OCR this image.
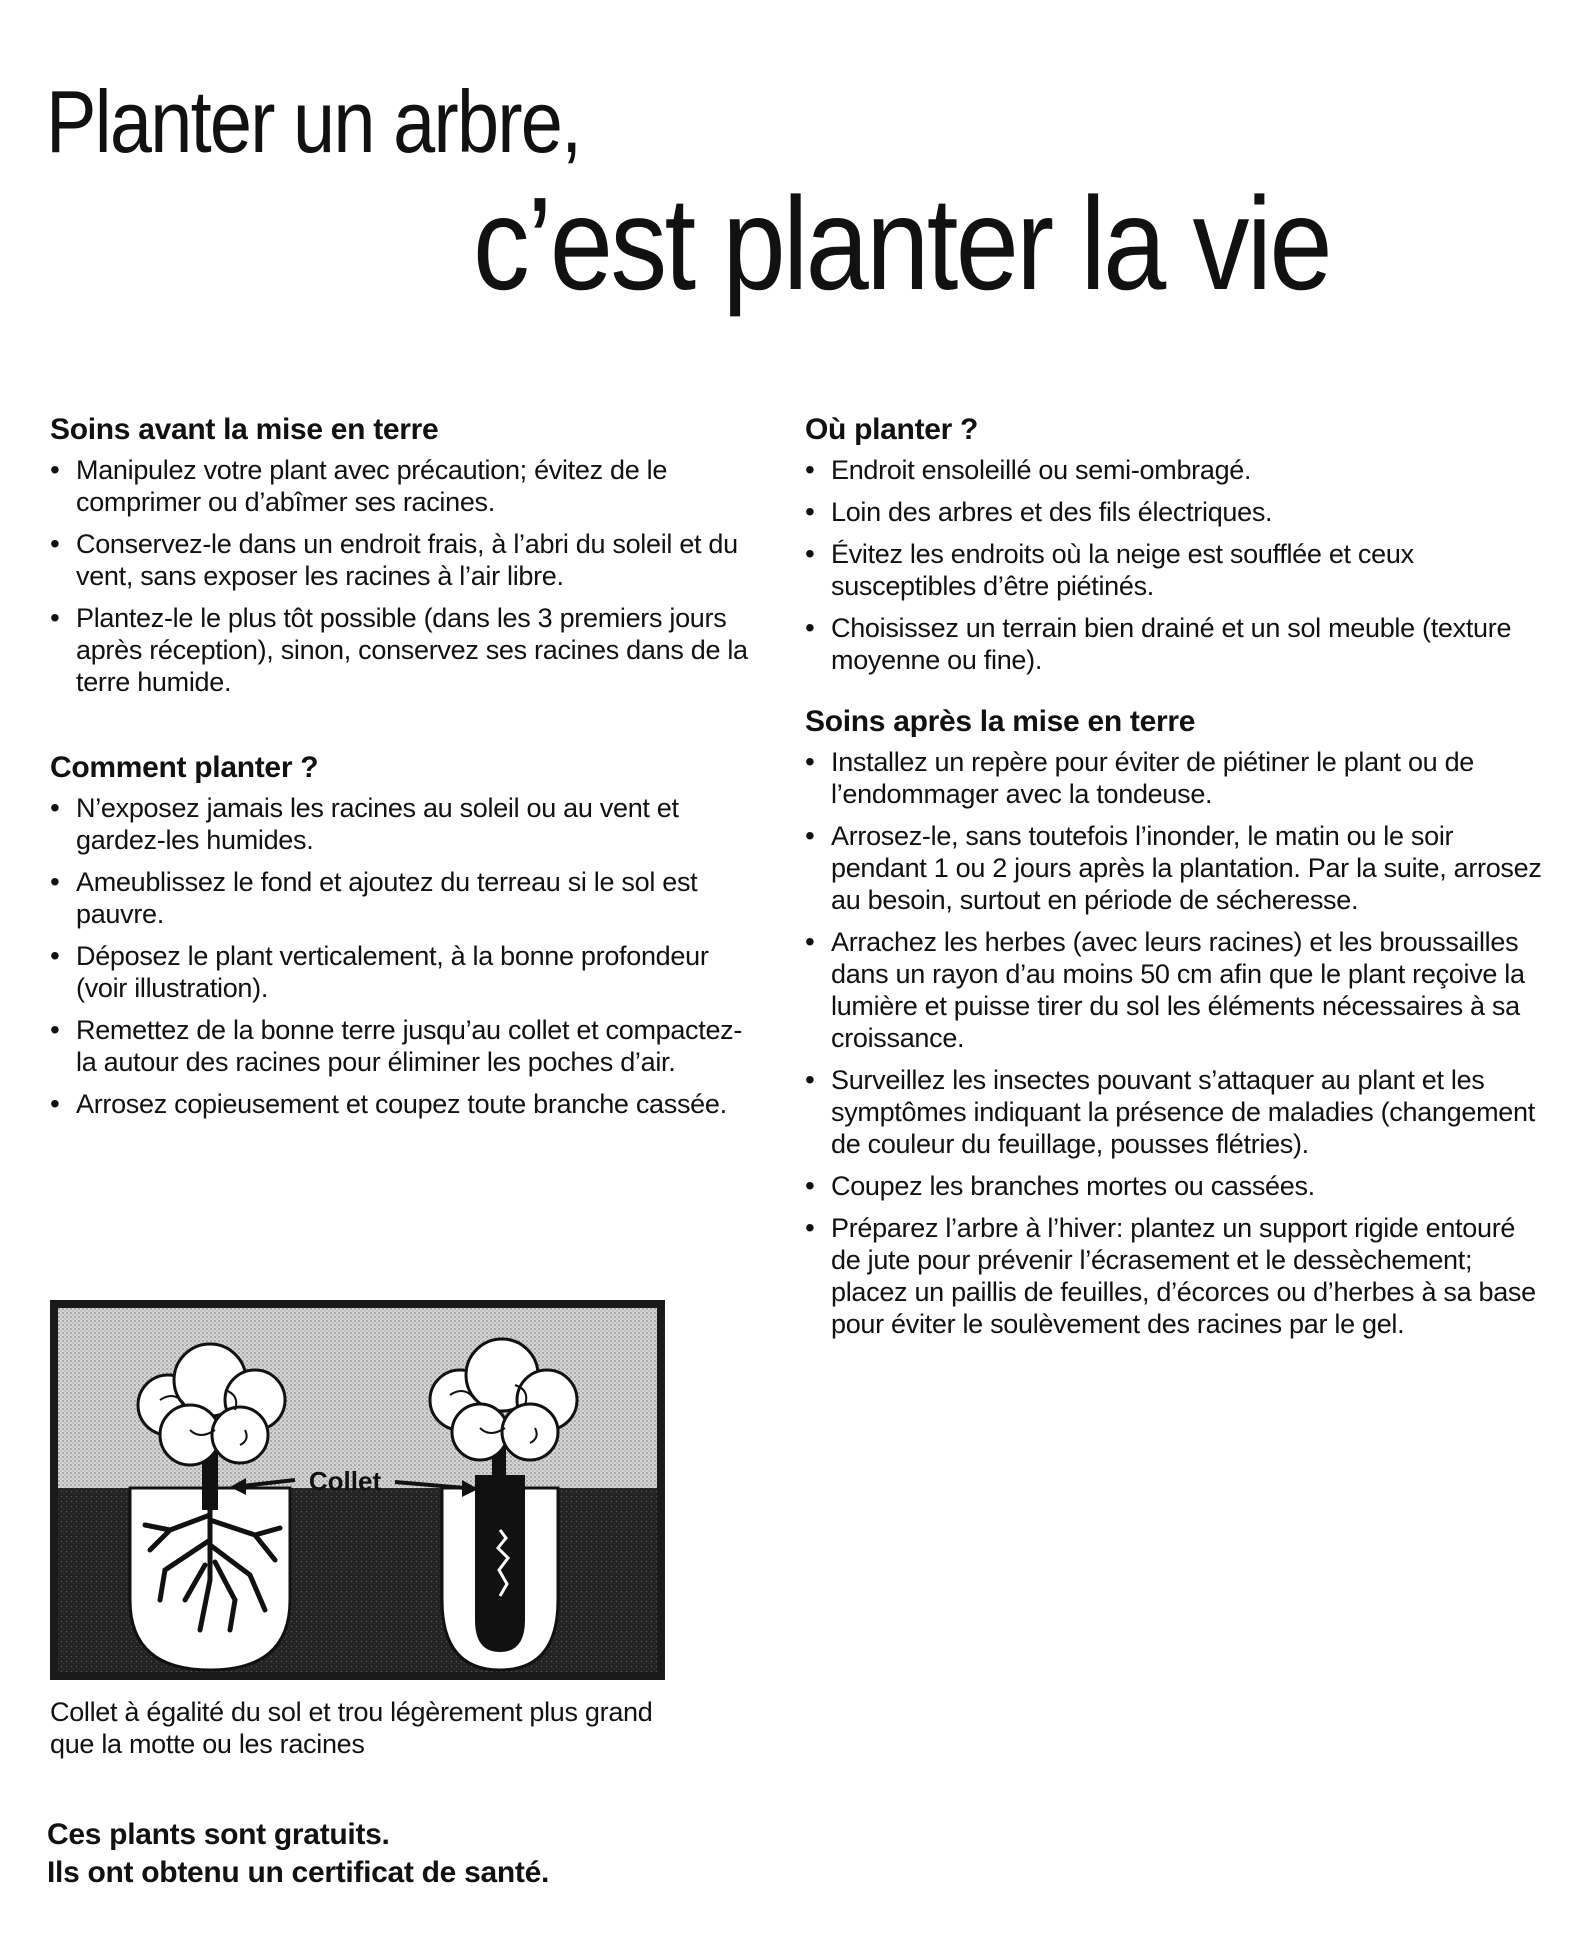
Planter un arbre,
c’est planter la vie
Soins avant la mise en terre
• Manipulez votre plant avec précaution; évitez de le comprimer ou d’abîmer ses racines.
• Conservez-le dans un endroit frais, à l’abri du soleil et du vent, sans exposer les racines à l’air libre.
• Plantez-le le plus tôt possible (dans les 3 premiers jours après réception), sinon, conservez ses racines dans de la terre humide.
Comment planter ?
• N’exposez jamais les racines au soleil ou au vent et gardez-les humides.
• Ameublissez le fond et ajoutez du terreau si le sol est pauvre.
• Déposez le plant verticalement, à la bonne profondeur (voir illustration).
• Remettez de la bonne terre jusqu’au collet et compactez-la autour des racines pour éliminer les poches d’air.
• Arrosez copieusement et coupez toute branche cassée.
Où planter ?
• Endroit ensoleillé ou semi-ombragé.
• Loin des arbres et des fils électriques.
• Évitez les endroits où la neige est soufflée et ceux susceptibles d’être piétinés.
• Choisissez un terrain bien drainé et un sol meuble (texture moyenne ou fine).
Soins après la mise en terre
• Installez un repère pour éviter de piétiner le plant ou de l’endommager avec la tondeuse.
• Arrosez-le, sans toutefois l’inonder, le matin ou le soir pendant 1 ou 2 jours après la plantation. Par la suite, arrosez au besoin, surtout en période de sécheresse.
• Arrachez les herbes (avec leurs racines) et les broussailles dans un rayon d’au moins 50 cm afin que le plant reçoive la lumière et puisse tirer du sol les éléments nécessaires à sa croissance.
• Surveillez les insectes pouvant s’attaquer au plant et les symptômes indiquant la présence de maladies (changement de couleur du feuillage, pousses flétries).
• Coupez les branches mortes ou cassées.
• Préparez l’arbre à l’hiver: plantez un support rigide entouré de jute pour prévenir l’écrasement et le dessèchement; placez un paillis de feuilles, d’écorces ou d’herbes à sa base pour éviter le soulèvement des racines par le gel.
Collet
Collet à égalité du sol et trou légèrement plus grand que la motte ou les racines
Ces plants sont gratuits.
Ils ont obtenu un certificat de santé.
